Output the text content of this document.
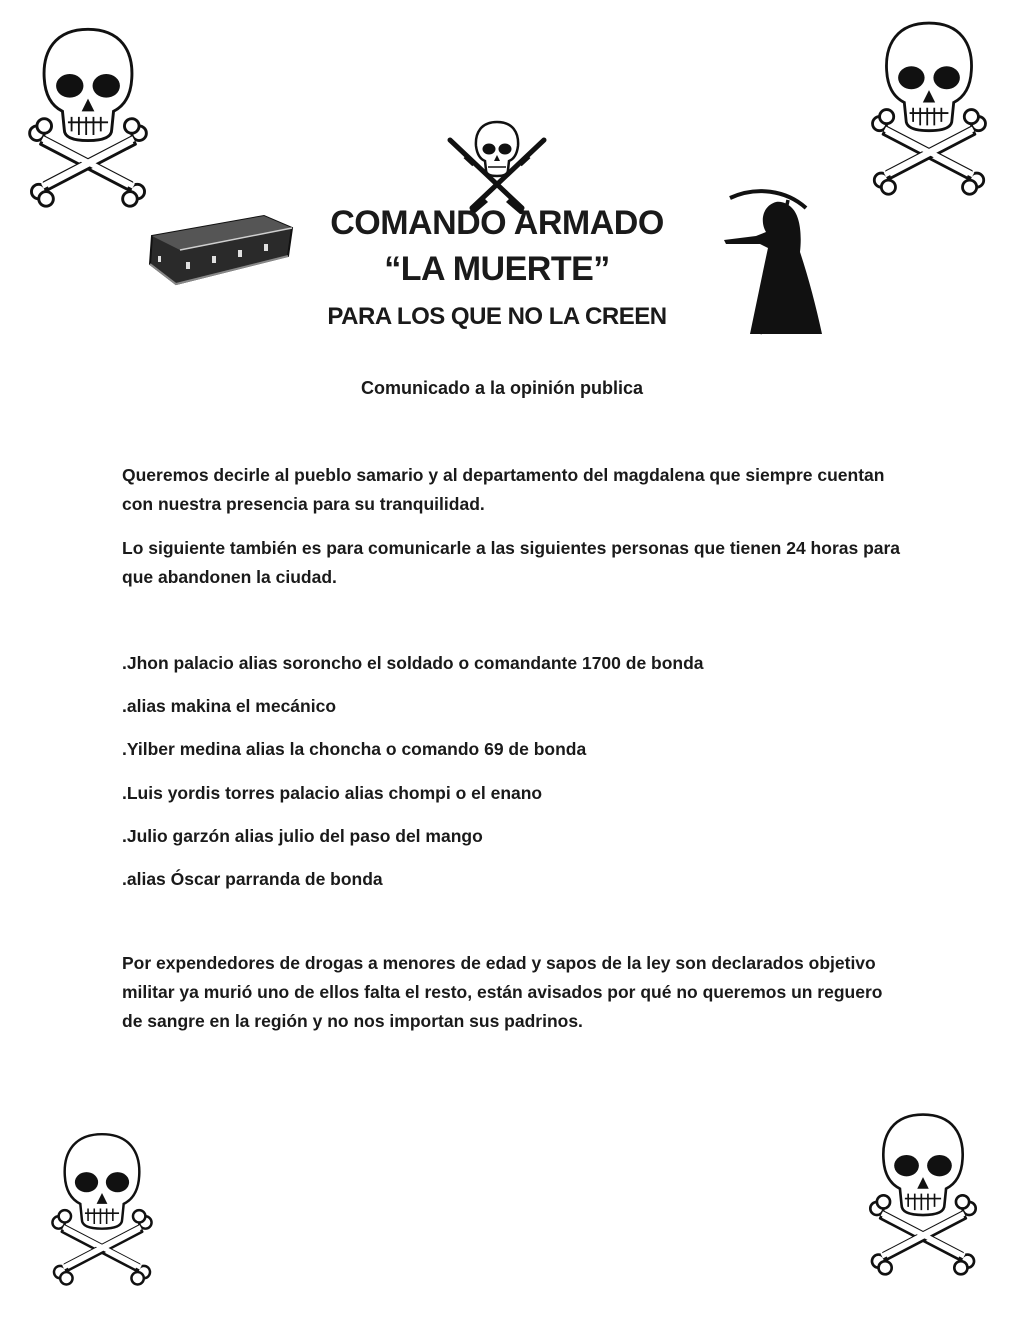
COMANDO ARMADO
“LA MUERTE”
PARA LOS QUE NO LA CREEN

Comunicado a la opinión publica

Queremos decirle al pueblo samario y al departamento del magdalena que siempre cuentan con nuestra presencia para su tranquilidad.

Lo siguiente también es para comunicarle a las siguientes personas que tienen 24 horas para que abandonen la ciudad.

.Jhon palacio alias soroncho el soldado o comandante 1700 de bonda
.alias makina el mecánico
.Yilber medina alias la choncha o comando 69 de bonda
.Luis yordis torres palacio alias chompi o el enano
.Julio garzón alias julio del paso del mango
.alias Óscar parranda de bonda

Por expendedores de drogas a menores de edad y sapos de la ley son declarados objetivo militar ya murió uno de ellos falta el resto, están avisados por qué no queremos un reguero de sangre en la región y no nos importan sus padrinos.
